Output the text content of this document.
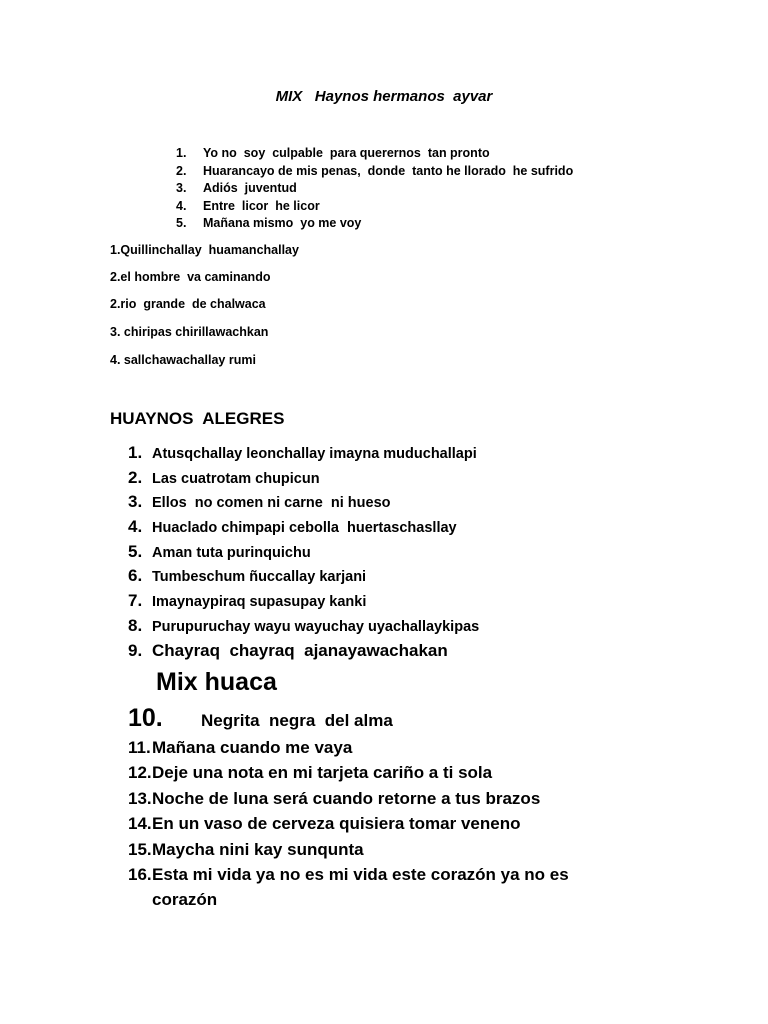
MIX   Haynos hermanos  ayvar
1.	Yo no  soy  culpable  para querernos  tan pronto
2.	Huarancayo de mis penas,  donde  tanto he llorado  he sufrido
3.	Adiós  juventud
4.	Entre  licor  he licor
5.	Mañana mismo  yo me voy

1.Quillinchallay  huamanchallay

2.el hombre  va caminando

2.rio  grande  de chalwaca

3. chiripas chirillawachkan

4. sallchawachallay rumi

HUAYNOS  ALEGRES
1. Atusqchallay leonchallay imayna muduchallapi
2. Las cuatrotam chupicun
3. Ellos  no comen ni carne  ni hueso
4. Huaclado chimpapi cebolla  huertaschasllay
5. Aman tuta purinquichu
6. Tumbeschum ñuccallay karjani
7. Imaynaypiraq supasupay kanki
8. Purupuruchay wayu wayuchay uyachallaykipas
9. Chayraq  chayraq  ajanayawachakan
Mix huaca
10.	Negrita  negra  del alma
11. Mañana cuando me vaya
12. Deje una nota en mi tarjeta cariño a ti sola
13. Noche de luna será cuando retorne a tus brazos
14. En un vaso de cerveza quisiera tomar veneno
15. Maycha nini kay sunqunta
16. Esta mi vida ya no es mi vida este corazón ya no es corazón
